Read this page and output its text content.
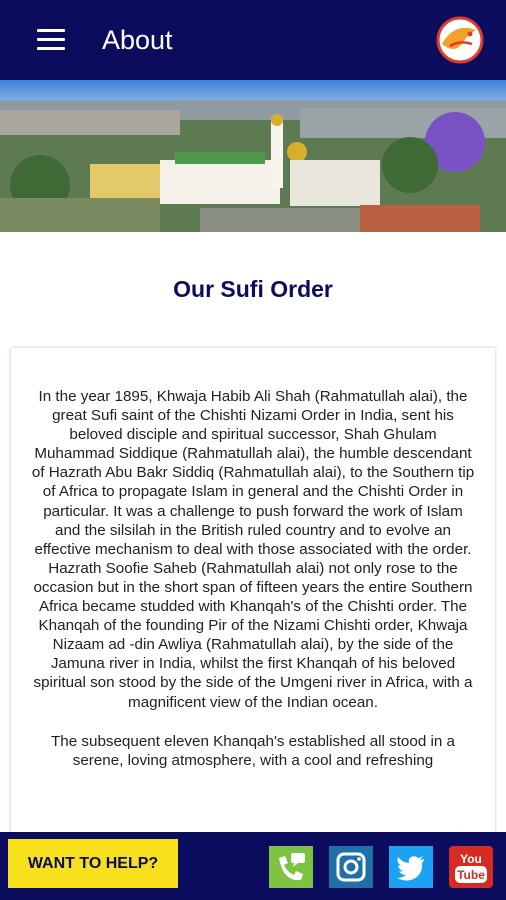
About
Our Sufi Order

In the year 1895, Khwaja Habib Ali Shah (Rahmatullah alai), the great Sufi saint of the Chishti Nizami Order in India, sent his beloved disciple and spiritual successor, Shah Ghulam Muhammad Siddique (Rahmatullah alai), the humble descendant of Hazrath Abu Bakr Siddiq (Rahmatullah alai), to the Southern tip of Africa to propagate Islam in general and the Chishti Order in particular. It was a challenge to push forward the work of Islam and the silsilah in the British ruled country and to evolve an effective mechanism to deal with those associated with the order. Hazrath Soofie Saheb (Rahmatullah alai) not only rose to the occasion but in the short span of fifteen years the entire Southern Africa became studded with Khanqah's of the Chishti order. The Khanqah of the founding Pir of the Nizami Chishti order, Khwaja Nizaam ad -din Awliya (Rahmatullah alai), by the side of the Jamuna river in India, whilst the first Khanqah of his beloved spiritual son stood by the side of the Umgeni river in Africa, with a magnificent view of the Indian ocean.

The subsequent eleven Khanqah's established all stood in a serene, loving atmosphere, with a cool and refreshing

WANT TO HELP?	You
Tube
